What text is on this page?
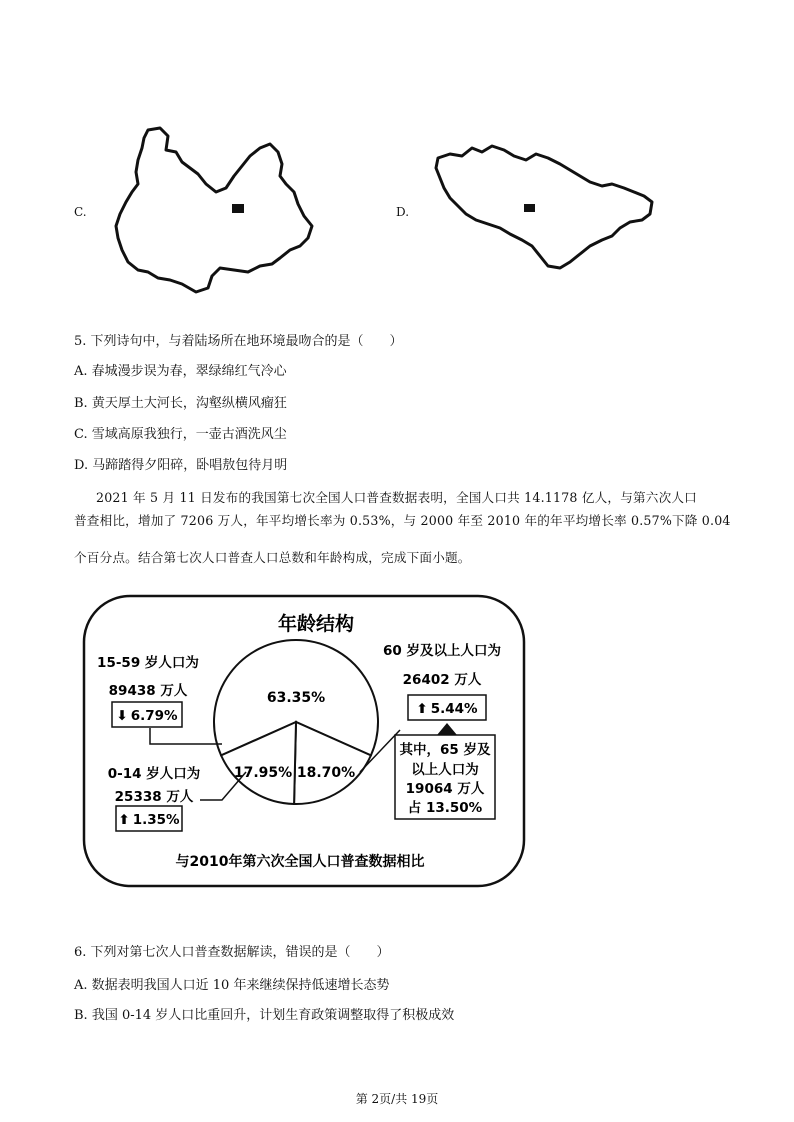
C.	D.
5. 下列诗句中，与着陆场所在地环境最吻合的是（　　）
A. 春城漫步误为春，翠绿绵红气冷心
B. 黄天厚土大河长，沟壑纵横风瘤狂
C. 雪域高原我独行，一壶古酒洗风尘
D. 马蹄踏得夕阳碎，卧唱敖包待月明
2021 年 5 月 11 日发布的我国第七次全国人口普查数据表明，全国人口共 14.1178 亿人，与第六次人口
普查相比，增加了 7206 万人，年平均增长率为 0.53%，与 2000 年至 2010 年的年平均增长率 0.57%下降 0.04
个百分点。结合第七次人口普查人口总数和年龄构成，完成下面小题。
年龄结构
63.35%
18.70%
17.95%
15-59 岁人口为
89438 万人
⬇ 6.79%
0-14 岁人口为
25338 万人
⬆ 1.35%
60 岁及以上人口为
26402 万人
⬆ 5.44%
其中，65 岁及
以上人口为
19064 万人
占 13.50%
与2010年第六次全国人口普查数据相比
6. 下列对第七次人口普查数据解读，错误的是（　　）
A. 数据表明我国人口近 10 年来继续保持低速增长态势
B. 我国 0-14 岁人口比重回升，计划生育政策调整取得了积极成效
第 2页/共 19页
